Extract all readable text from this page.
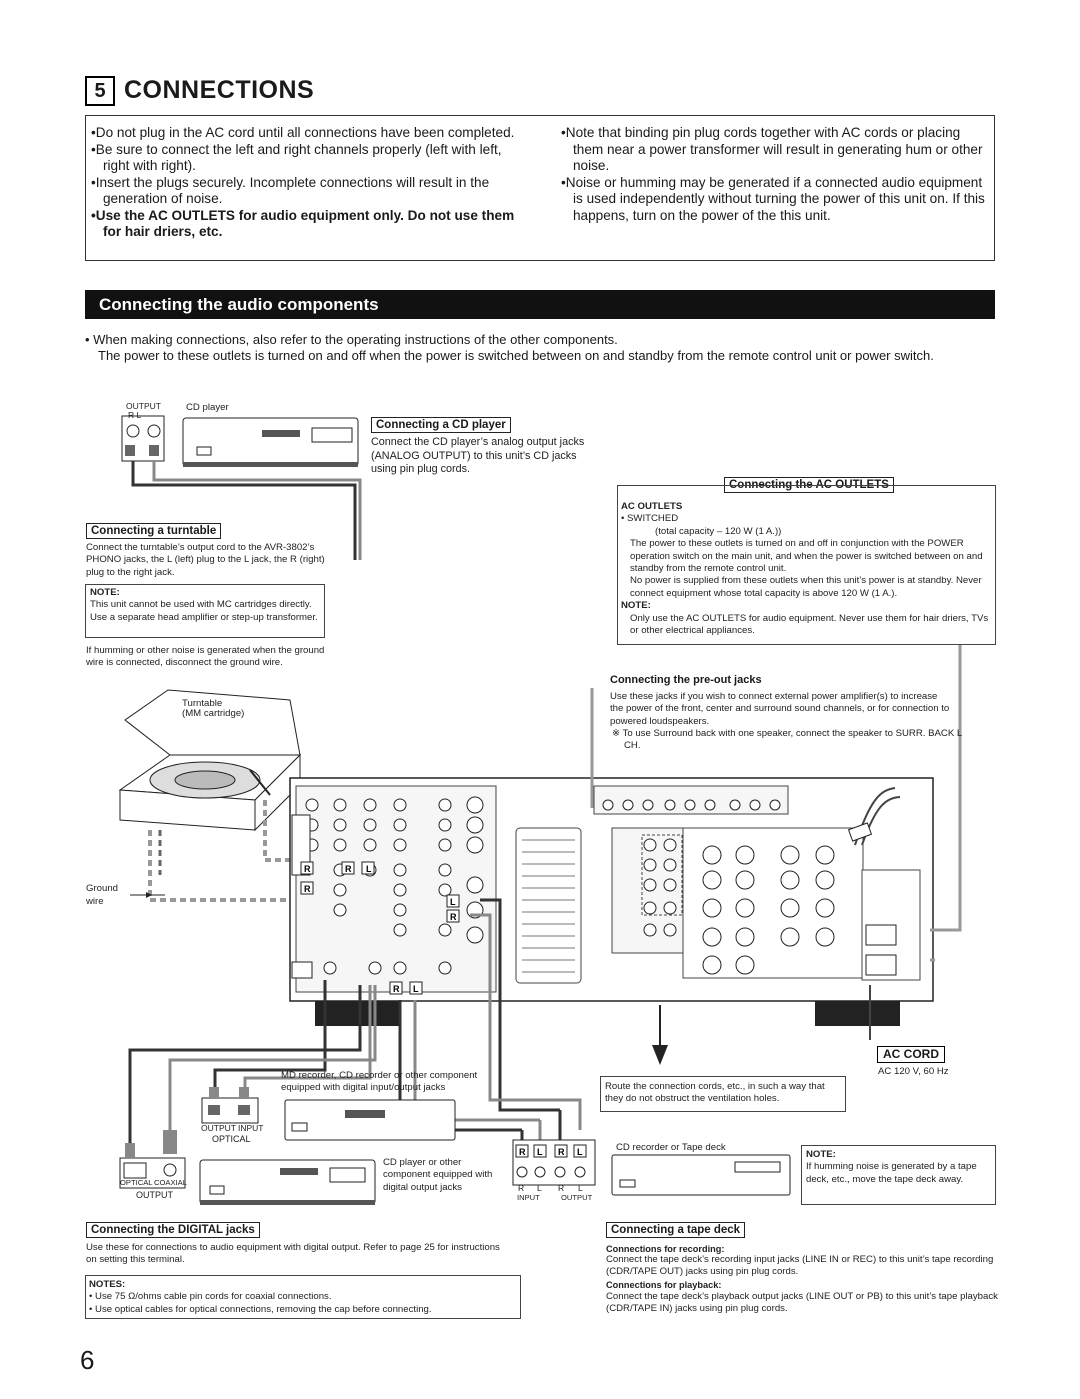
5 CONNECTIONS

•Do not plug in the AC cord until all connections have been completed.

•Be sure to connect the left and right channels properly (left with left, right with right).

•Insert the plugs securely. Incomplete connections will result in the generation of noise.

•Use the AC OUTLETS for audio equipment only. Do not use them for hair driers, etc.

•Note that binding pin plug cords together with AC cords or placing them near a power transformer will result in generating hum or other noise.

•Noise or humming may be generated if a connected audio equipment is used independently without turning the power of this unit on. If this happens, turn on the power of the this unit.

Connecting the audio components
• When making connections, also refer to the operating instructions of the other components.
The power to these outlets is turned on and off when the power is switched between on and standby from the remote control unit or power switch.
R L
R
R
L
R
R L
R L R L
OUTPUT
R L
CD player
Connecting a CD player
Connect the CD player’s analog output jacks (ANALOG OUTPUT) to this unit’s CD jacks using pin plug cords.
Connecting a turntable
Connect the turntable’s output cord to the AVR-3802’s PHONO jacks, the L (left) plug to the L jack, the R (right) plug to the right jack.
NOTE:
This unit cannot be used with MC cartridges directly. Use a separate head amplifier or step-up transformer.
If humming or other noise is generated when the ground wire is connected, disconnect the ground wire.
Turntable
(MM cartridge)
Ground
wire
Connecting the AC OUTLETS
AC OUTLETS
• SWITCHED
(total capacity – 120 W (1 A.))
The power to these outlets is turned on and off in conjunction with the POWER operation switch on the main unit, and when the power is switched between on and standby from the remote control unit.
No power is supplied from these outlets when this unit’s power is at standby. Never connect equipment whose total capacity is above 120 W (1 A.).
NOTE:
Only use the AC OUTLETS for audio equipment. Never use them for hair driers, TVs or other electrical appliances.
Connecting the pre-out jacks
Use these jacks if you wish to connect external power amplifier(s) to increase the power of the front, center and surround sound channels, or for connection to powered loudspeakers.
※ To use Surround back with one speaker, connect the speaker to SURR. BACK L CH.
MD recorder, CD recorder or other component equipped with digital input/output jacks
OUTPUT INPUT
OPTICAL
OPTICAL COAXIAL
OUTPUT
CD player or other component equipped with digital output jacks
Connecting the DIGITAL jacks
Use these for connections to audio equipment with digital output. Refer to page 25 for instructions on setting this terminal.
NOTES:
• Use 75 Ω/ohms cable pin cords for coaxial connections.
• Use optical cables for optical connections, removing the cap before connecting.
AC CORD
AC 120 V, 60 Hz
Route the connection cords, etc., in such a way that they do not obstruct the ventilation holes.
CD recorder or Tape deck
R L R L
INPUT	OUTPUT
NOTE:
If humming noise is generated by a tape deck, etc., move the tape deck away.
Connecting a tape deck
Connections for recording:
Connect the tape deck’s recording input jacks (LINE IN or REC) to this unit’s tape recording (CDR/TAPE OUT) jacks using pin plug cords.
Connections for playback:
Connect the tape deck’s playback output jacks (LINE OUT or PB) to this unit’s tape playback (CDR/TAPE IN) jacks using pin plug cords.
6
